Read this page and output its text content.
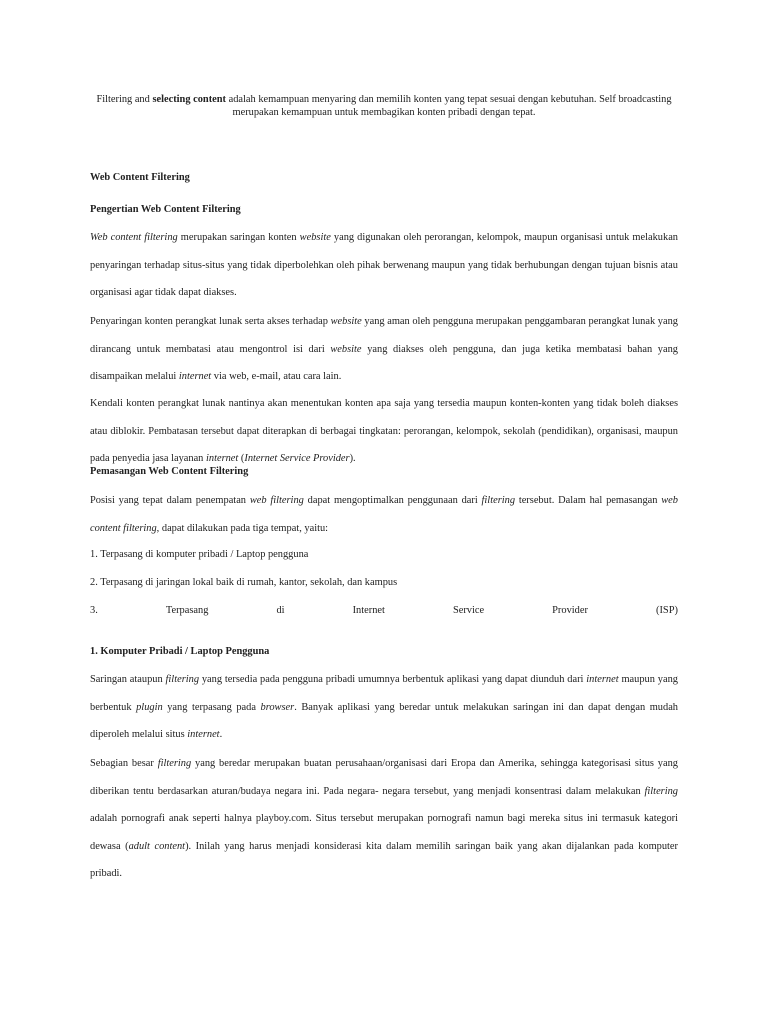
Filtering and selecting content adalah kemampuan menyaring dan memilih konten yang tepat sesuai dengan kebutuhan. Self broadcasting merupakan kemampuan untuk membagikan konten pribadi dengan tepat.
Web Content Filtering
Pengertian Web Content Filtering
Web content filtering merupakan saringan konten website yang digunakan oleh perorangan, kelompok, maupun organisasi untuk melakukan penyaringan terhadap situs-situs yang tidak diperbolehkan oleh pihak berwenang maupun yang tidak berhubungan dengan tujuan bisnis atau organisasi agar tidak dapat diakses.
Penyaringan konten perangkat lunak serta akses terhadap website yang aman oleh pengguna merupakan penggambaran perangkat lunak yang dirancang untuk membatasi atau mengontrol isi dari website yang diakses oleh pengguna, dan juga ketika membatasi bahan yang disampaikan melalui internet via web, e-mail, atau cara lain.
Kendali konten perangkat lunak nantinya akan menentukan konten apa saja yang tersedia maupun konten-konten yang tidak boleh diakses atau diblokir. Pembatasan tersebut dapat diterapkan di berbagai tingkatan: perorangan, kelompok, sekolah (pendidikan), organisasi, maupun pada penyedia jasa layanan internet (Internet Service Provider).
Pemasangan Web Content Filtering
Posisi yang tepat dalam penempatan web filtering dapat mengoptimalkan penggunaan dari filtering tersebut. Dalam hal pemasangan web content filtering, dapat dilakukan pada tiga tempat, yaitu:
1. Terpasang di komputer pribadi / Laptop pengguna
2. Terpasang di jaringan lokal baik di rumah, kantor, sekolah, dan kampus
3.	Terpasang	di	Internet	Service	Provider	(ISP)
1. Komputer Pribadi / Laptop Pengguna
Saringan ataupun filtering yang tersedia pada pengguna pribadi umumnya berbentuk aplikasi yang dapat diunduh dari internet maupun yang berbentuk plugin yang terpasang pada browser. Banyak aplikasi yang beredar untuk melakukan saringan ini dan dapat dengan mudah diperoleh melalui situs internet.
Sebagian besar filtering yang beredar merupakan buatan perusahaan/organisasi dari Eropa dan Amerika, sehingga kategorisasi situs yang diberikan tentu berdasarkan aturan/budaya negara ini. Pada negara- negara tersebut, yang menjadi konsentrasi dalam melakukan filtering adalah pornografi anak seperti halnya playboy.com. Situs tersebut merupakan pornografi namun bagi mereka situs ini termasuk kategori dewasa (adult content). Inilah yang harus menjadi konsiderasi kita dalam memilih saringan baik yang akan dijalankan pada komputer pribadi.
